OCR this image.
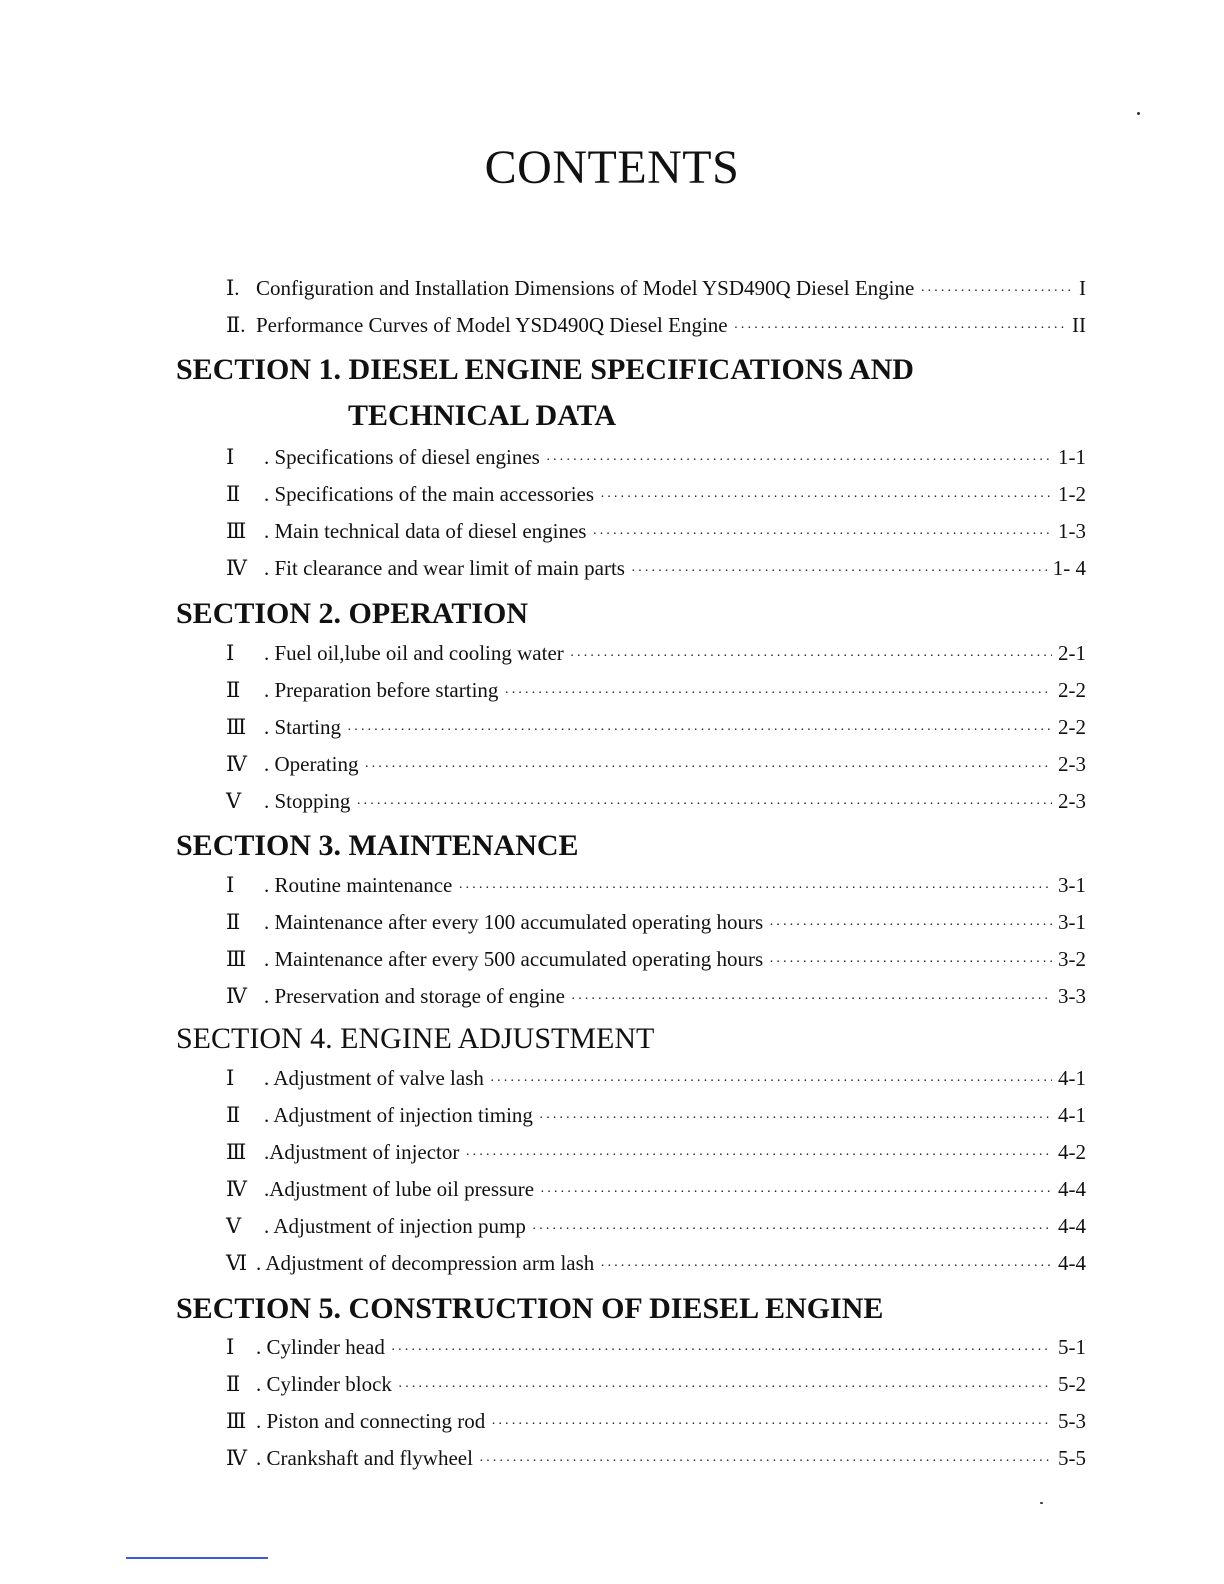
CONTENTS
Ⅰ. Configuration and Installation Dimensions of Model YSD490Q Diesel Engine ·····	I
Ⅱ. Performance Curves of Model YSD490Q Diesel Engine ·····	II
SECTION 1. DIESEL ENGINE SPECIFICATIONS AND
TECHNICAL DATA
Ⅰ	. Specifications of diesel engines ·····	1-1
Ⅱ	. Specifications of the main accessories ·····	1-2
Ⅲ . Main technical data of diesel engines ·····	1-3
Ⅳ . Fit clearance and wear limit of main parts ·····	1- 4
SECTION 2. OPERATION
Ⅰ	. Fuel oil,lube oil and cooling water ·····	2-1
Ⅱ	. Preparation before starting ·····	2-2
Ⅲ . Starting ·····	2-2
Ⅳ . Operating ·····	2-3
Ⅴ	. Stopping ·····	2-3
SECTION 3. MAINTENANCE
Ⅰ	. Routine maintenance ·····	3-1
Ⅱ	. Maintenance after every 100 accumulated operating hours ·····	3-1
Ⅲ . Maintenance after every 500 accumulated operating hours ·····	3-2
Ⅳ . Preservation and storage of engine ·····	3-3
SECTION 4. ENGINE ADJUSTMENT
Ⅰ	. Adjustment of valve lash ·····	4-1
Ⅱ	. Adjustment of injection timing ·····	4-1
Ⅲ .Adjustment of injector ·····	4-2
Ⅳ .Adjustment of lube oil pressure ·····	4-4
Ⅴ	. Adjustment of injection pump ·····	4-4
Ⅵ . Adjustment of decompression arm lash ·····	4-4
SECTION 5. CONSTRUCTION OF DIESEL ENGINE
Ⅰ	. Cylinder head ·····	5-1
Ⅱ . Cylinder block ·····	5-2
Ⅲ . Piston and connecting rod ·····	5-3
Ⅳ . Crankshaft and flywheel ·····	5-5
